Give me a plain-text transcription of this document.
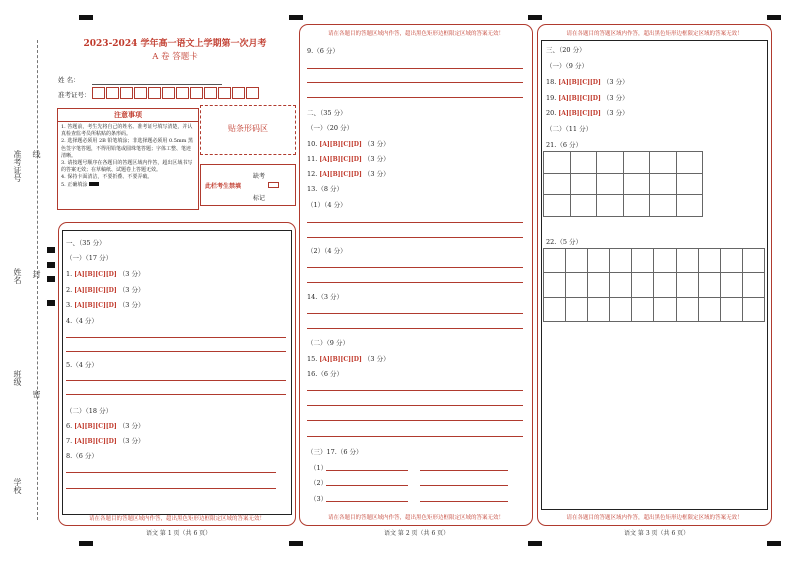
准考证号 线
姓名 封
班级
密
学校
2023-2024 学年高一语文上学期第一次月考
A 卷 答题卡
姓 名：
准考证号：
注意事项
1. 答题前，考生先将自己的姓名、准考证号填写清楚，并认真检查监考员所粘贴的条形码。
2. 选择题必须用 2B 铅笔填涂；非选择题必须用 0.5mm 黑色签字笔答题，不得用铅笔或圆珠笔答题；字体工整、笔迹清晰。
3. 请按题号顺序在各题目的答题区域内作答，超出区域书写的答案无效；在草稿纸、试题卷上答题无效。
4. 保持卡面清洁，不要折叠、不要弄破。
5. 正确填涂
贴条形码区
此栏考生禁填
缺考
标记
请在各题目的答题区域内作答，超出黑色矩形边框限定区域的答案无效！
一、（35 分）
（一）（17 分）
1. [A][B][C][D] （3 分）
2. [A][B][C][D] （3 分）
3. [A][B][C][D] （3 分）
4.（4 分）
5.（4 分）
（二）（18 分）
6. [A][B][C][D] （3 分）
7. [A][B][C][D] （3 分）
8.（6 分）
语文 第 1 页（共 6 页）
请在各题目的答题区域内作答，超出黑色矩形边框限定区域的答案无效！
请在各题目的答题区域内作答，超出黑色矩形边框限定区域的答案无效！
9.（6 分）
二、（35 分）
（一）（20 分）
10. [A][B][C][D] （3 分）
11. [A][B][C][D] （3 分）
12. [A][B][C][D] （3 分）
13.（8 分）
（1）（4 分）
（2）（4 分）
14.（3 分）
（二）（9 分）
15. [A][B][C][D] （3 分）
16.（6 分）
（三）17.（6 分）
（1）
（2）
（3）
语文 第 2 页（共 6 页）
请在各题目的答题区域内作答，超出黑色矩形边框限定区域的答案无效！
请在各题目的答题区域内作答，超出黑色矩形边框限定区域的答案无效！
三、（20 分）
（一）（9 分）
18. [A][B][C][D] （3 分）
19. [A][B][C][D] （3 分）
20. [A][B][C][D] （3 分）
（二）（11 分）
21.（6 分）

22.（5 分）

语文 第 3 页（共 6 页）
